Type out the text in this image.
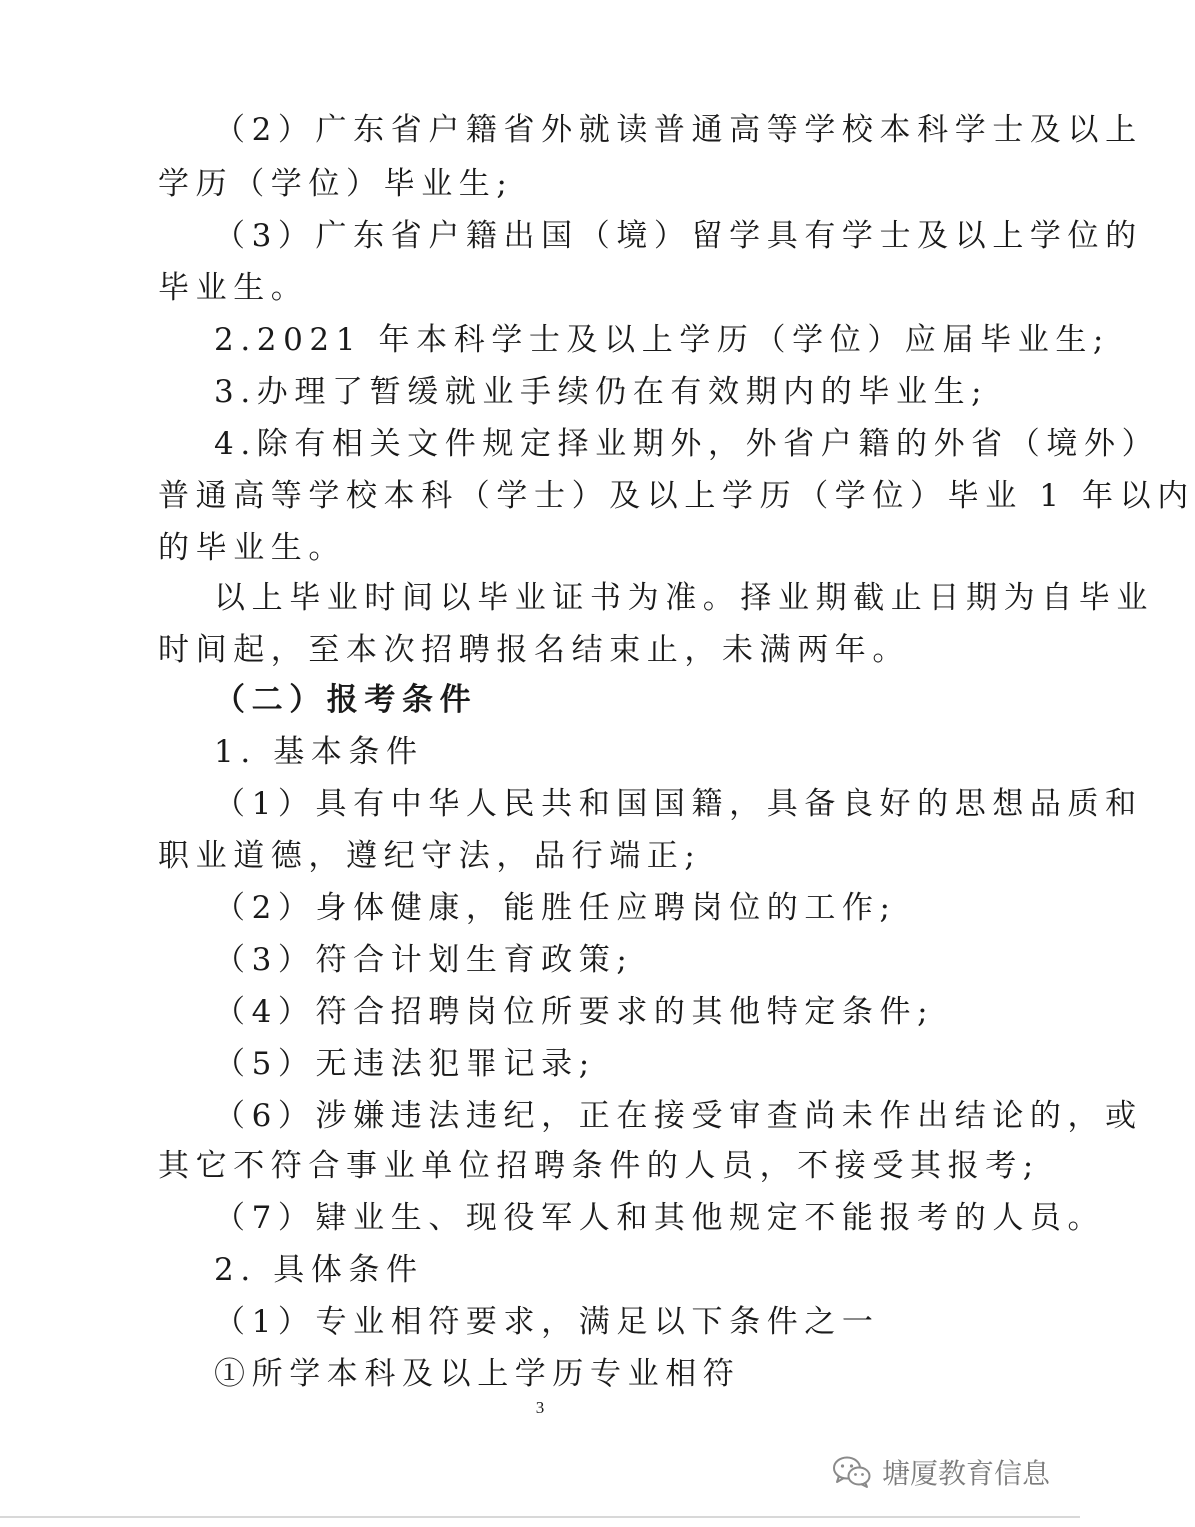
（2）广东省户籍省外就读普通高等学校本科学士及以上
学历（学位）毕业生;
（3）广东省户籍出国（境）留学具有学士及以上学位的
毕业生。
2.2021 年本科学士及以上学历（学位）应届毕业生;
3.办理了暂缓就业手续仍在有效期内的毕业生;
4.除有相关文件规定择业期外，外省户籍的外省（境外）
普通高等学校本科（学士）及以上学历（学位）毕业 1 年以内
的毕业生。
以上毕业时间以毕业证书为准。择业期截止日期为自毕业
时间起，至本次招聘报名结束止，未满两年。
（二）报考条件
1. 基本条件
（1）具有中华人民共和国国籍，具备良好的思想品质和
职业道德，遵纪守法，品行端正;
（2）身体健康，能胜任应聘岗位的工作;
（3）符合计划生育政策;
（4）符合招聘岗位所要求的其他特定条件;
（5）无违法犯罪记录;
（6）涉嫌违法违纪，正在接受审查尚未作出结论的，或
其它不符合事业单位招聘条件的人员，不接受其报考;
（7）肄业生、现役军人和其他规定不能报考的人员。
2. 具体条件
（1）专业相符要求，满足以下条件之一
①所学本科及以上学历专业相符
3
塘厦教育信息
